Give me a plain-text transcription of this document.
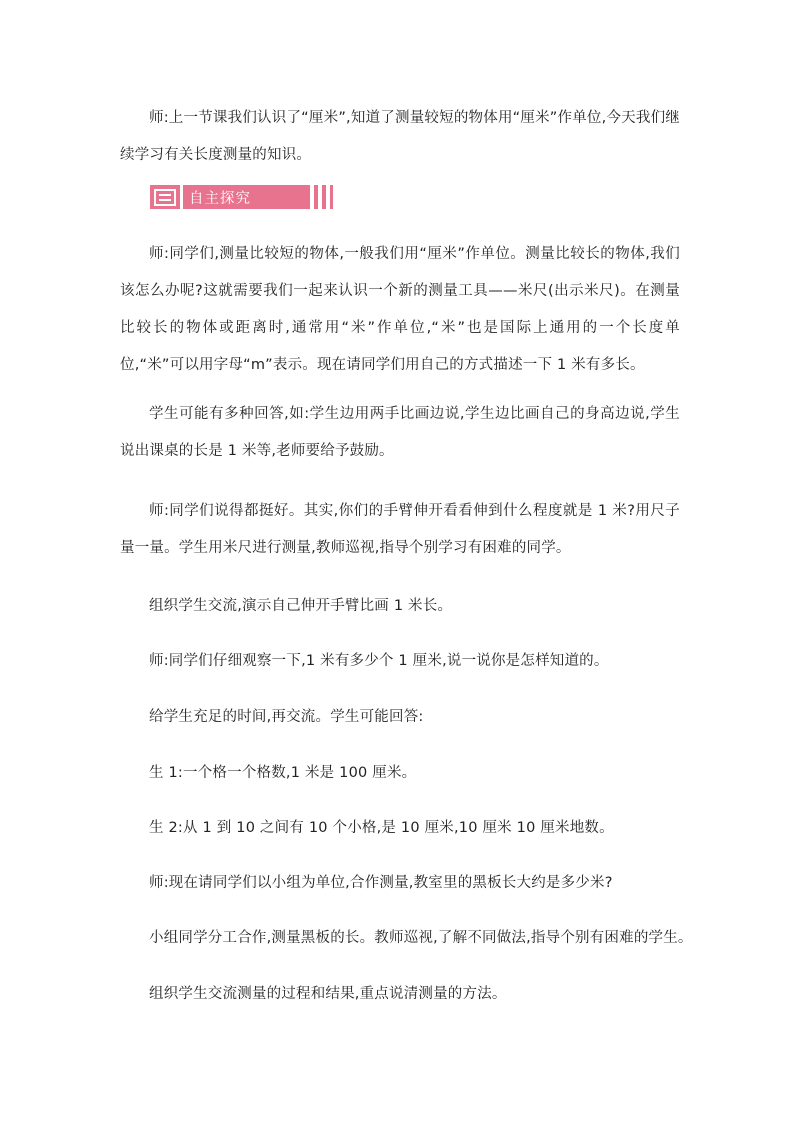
师:上一节课我们认识了“厘米”,知道了测量较短的物体用“厘米”作单位,今天我们继续学习有关长度测量的知识。

自主探究

师:同学们,测量比较短的物体,一般我们用“厘米”作单位。测量比较长的物体,我们该怎么办呢?这就需要我们一起来认识一个新的测量工具——米尺(出示米尺)。在测量比较长的物体或距离时,通常用“米”作单位,“米”也是国际上通用的一个长度单位,“米”可以用字母“m”表示。现在请同学们用自己的方式描述一下 1 米有多长。

学生可能有多种回答,如:学生边用两手比画边说,学生边比画自己的身高边说,学生说出课桌的长是 1 米等,老师要给予鼓励。

师:同学们说得都挺好。其实,你们的手臂伸开看看伸到什么程度就是 1 米?用尺子量一量。学生用米尺进行测量,教师巡视,指导个别学习有困难的同学。

组织学生交流,演示自己伸开手臂比画 1 米长。

师:同学们仔细观察一下,1 米有多少个 1 厘米,说一说你是怎样知道的。

给学生充足的时间,再交流。学生可能回答:

生 1:一个格一个格数,1 米是 100 厘米。

生 2:从 1 到 10 之间有 10 个小格,是 10 厘米,10 厘米 10 厘米地数。

师:现在请同学们以小组为单位,合作测量,教室里的黑板长大约是多少米?

小组同学分工合作,测量黑板的长。教师巡视,了解不同做法,指导个别有困难的学生。

组织学生交流测量的过程和结果,重点说清测量的方法。
